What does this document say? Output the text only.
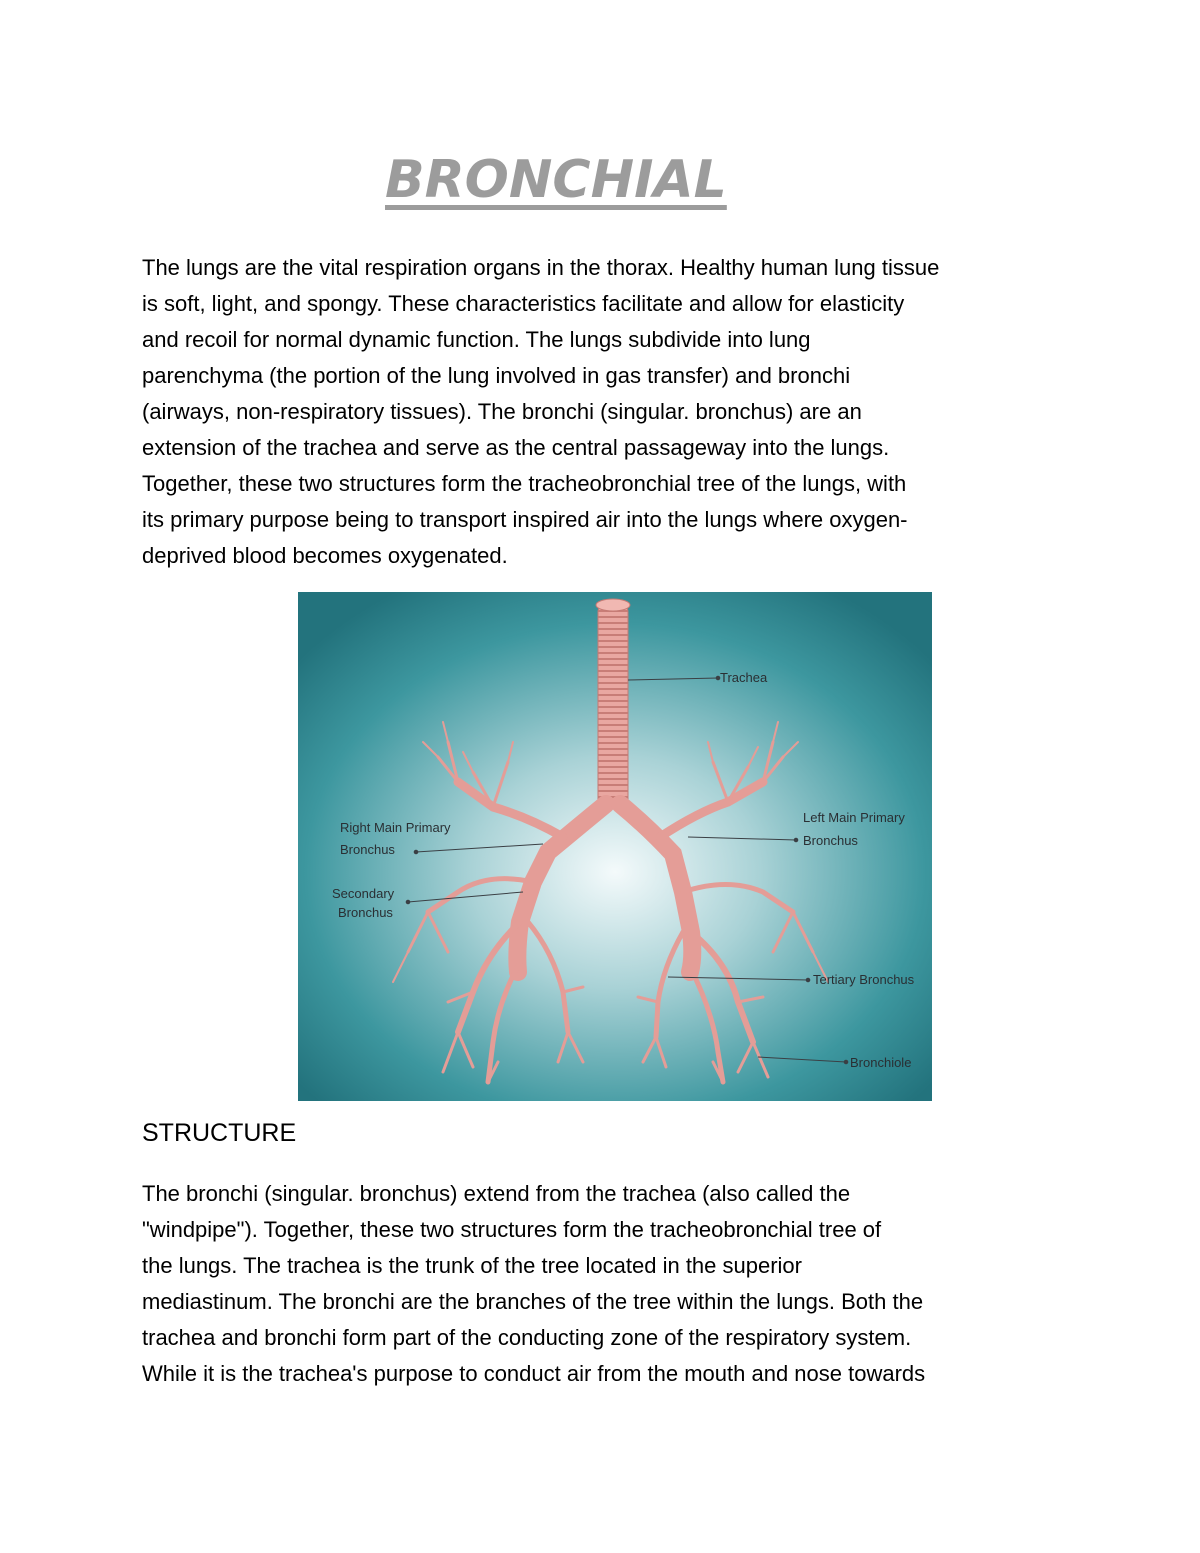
BRONCHIAL
The lungs are the vital respiration organs in the thorax. Healthy human lung tissue
is soft, light, and spongy. These characteristics facilitate and allow for elasticity
and recoil for normal dynamic function. The lungs subdivide into lung
parenchyma (the portion of the lung involved in gas transfer) and bronchi
(airways, non-respiratory tissues). The bronchi (singular. bronchus) are an
extension of the trachea and serve as the central passageway into the lungs.
Together, these two structures form the tracheobronchial tree of the lungs, with
its primary purpose being to transport inspired air into the lungs where oxygen-
deprived blood becomes oxygenated.
Trachea
Right Main Primary
Bronchus
Secondary
Bronchus
Left Main Primary
Bronchus
Tertiary Bronchus
Bronchiole
STRUCTURE
The bronchi (singular. bronchus) extend from the trachea (also called the
"windpipe"). Together, these two structures form the tracheobronchial tree of
the lungs. The trachea is the trunk of the tree located in the superior
mediastinum. The bronchi are the branches of the tree within the lungs. Both the
trachea and bronchi form part of the conducting zone of the respiratory system.
While it is the trachea's purpose to conduct air from the mouth and nose towards
